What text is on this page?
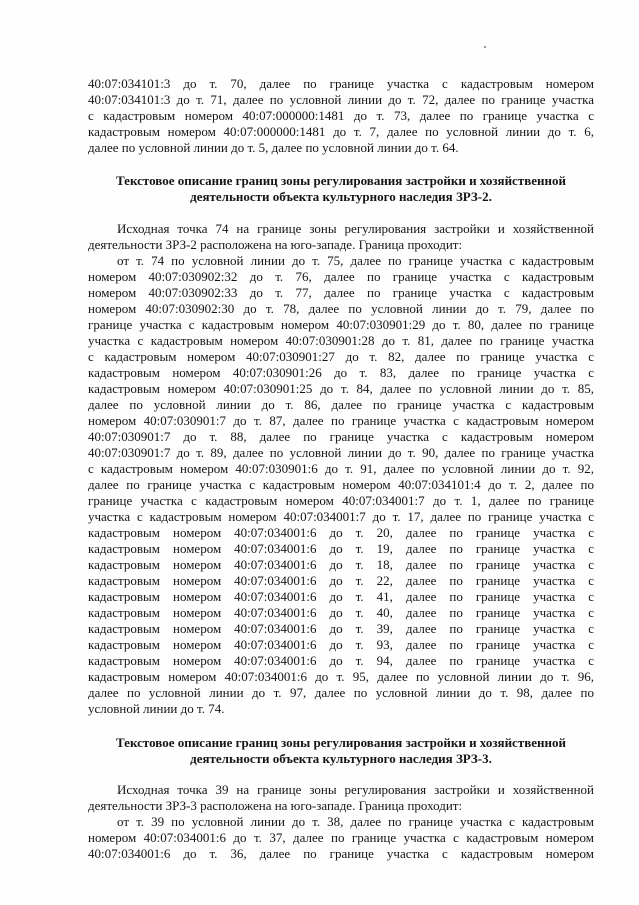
40:07:034101:3 до т. 70, далее по границе участка с кадастровым номером
40:07:034101:3 до т. 71, далее по условной линии до т. 72, далее по границе участка
с кадастровым номером 40:07:000000:1481 до т. 73, далее по границе участка с
кадастровым номером 40:07:000000:1481 до т. 7, далее по условной линии до т. 6,
далее по условной линии до т. 5, далее по условной линии до т. 64.
Текстовое описание границ зоны регулирования застройки и хозяйственной
деятельности объекта культурного наследия ЗРЗ-2.
Исходная точка 74 на границе зоны регулирования застройки и хозяйственной
деятельности ЗРЗ-2 расположена на юго-западе. Граница проходит:
от т. 74 по условной линии до т. 75, далее по границе участка с кадастровым
номером 40:07:030902:32 до т. 76, далее по границе участка с кадастровым
номером 40:07:030902:33 до т. 77, далее по границе участка с кадастровым
номером 40:07:030902:30 до т. 78, далее по условной линии до т. 79, далее по
границе участка с кадастровым номером 40:07:030901:29 до т. 80, далее по границе
участка с кадастровым номером 40:07:030901:28 до т. 81, далее по границе участка
с кадастровым номером 40:07:030901:27 до т. 82, далее по границе участка с
кадастровым номером 40:07:030901:26 до т. 83, далее по границе участка с
кадастровым номером 40:07:030901:25 до т. 84, далее по условной линии до т. 85,
далее по условной линии до т. 86, далее по границе участка с кадастровым
номером 40:07:030901:7 до т. 87, далее по границе участка с кадастровым номером
40:07:030901:7 до т. 88, далее по границе участка с кадастровым номером
40:07:030901:7 до т. 89, далее по условной линии до т. 90, далее по границе участка
с кадастровым номером 40:07:030901:6 до т. 91, далее по условной линии до т. 92,
далее по границе участка с кадастровым номером 40:07:034101:4 до т. 2, далее по
границе участка с кадастровым номером 40:07:034001:7 до т. 1, далее по границе
участка с кадастровым номером 40:07:034001:7 до т. 17, далее по границе участка с
кадастровым номером 40:07:034001:6 до т. 20, далее по границе участка с
кадастровым номером 40:07:034001:6 до т. 19, далее по границе участка с
кадастровым номером 40:07:034001:6 до т. 18, далее по границе участка с
кадастровым номером 40:07:034001:6 до т. 22, далее по границе участка с
кадастровым номером 40:07:034001:6 до т. 41, далее по границе участка с
кадастровым номером 40:07:034001:6 до т. 40, далее по границе участка с
кадастровым номером 40:07:034001:6 до т. 39, далее по границе участка с
кадастровым номером 40:07:034001:6 до т. 93, далее по границе участка с
кадастровым номером 40:07:034001:6 до т. 94, далее по границе участка с
кадастровым номером 40:07:034001:6 до т. 95, далее по условной линии до т. 96,
далее по условной линии до т. 97, далее по условной линии до т. 98, далее по
условной линии до т. 74.
Текстовое описание границ зоны регулирования застройки и хозяйственной
деятельности объекта культурного наследия ЗРЗ-3.
Исходная точка 39 на границе зоны регулирования застройки и хозяйственной
деятельности ЗРЗ-3 расположена на юго-западе. Граница проходит:
от т. 39 по условной линии до т. 38, далее по границе участка с кадастровым
номером 40:07:034001:6 до т. 37, далее по границе участка с кадастровым номером
40:07:034001:6 до т. 36, далее по границе участка с кадастровым номером
